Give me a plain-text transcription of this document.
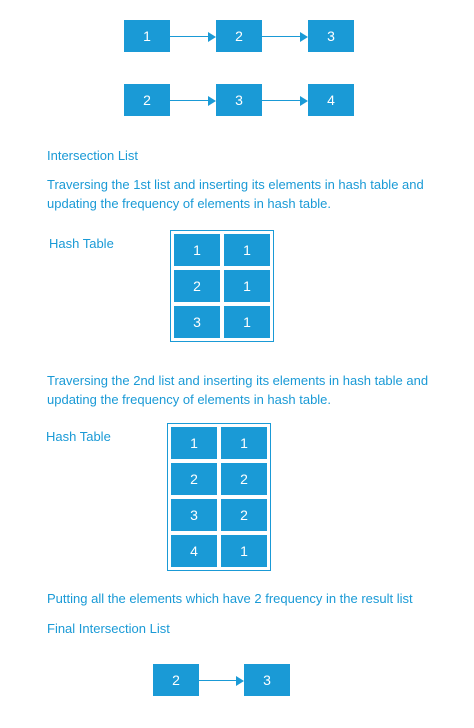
1	2	3
2	3	4
Intersection List
Traversing the 1st list and inserting its elements in hash table and
updating the frequency of elements in hash table.
Hash Table	1	1
2	1
3	1
Traversing the 2nd list and inserting its elements in hash table and
updating the frequency of elements in hash table.
Hash Table	1	1
2	2
3	2
4	1
Putting all the elements which have 2 frequency in the result list
Final Intersection List
2	3
